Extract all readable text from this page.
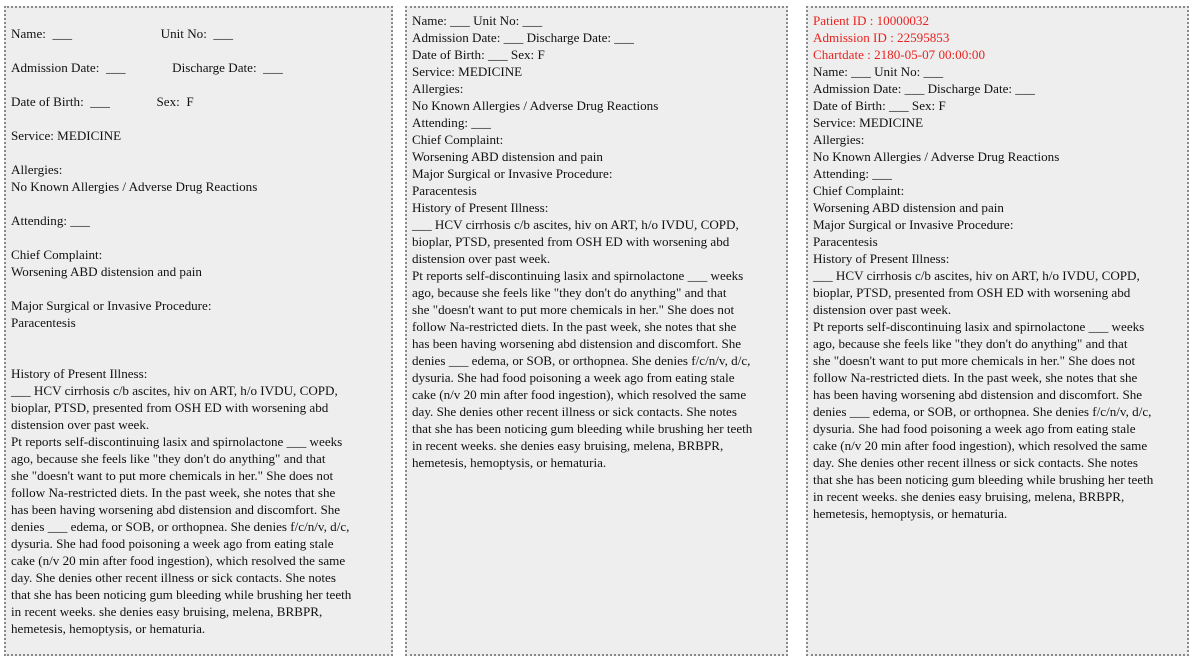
Name: ___	Unit No: ___
Admission Date: ___	Discharge Date: ___
Date of Birth: ___	Sex: F
Service: MEDICINE
Allergies:
No Known Allergies / Adverse Drug Reactions
Attending: ___
Chief Complaint:
Worsening ABD distension and pain
Major Surgical or Invasive Procedure:
Paracentesis
History of Present Illness:
___ HCV cirrhosis c/b ascites, hiv on ART, h/o IVDU, COPD,
bioplar, PTSD, presented from OSH ED with worsening abd
distension over past week.
Pt reports self-discontinuing lasix and spirnolactone ___ weeks
ago, because she feels like "they don't do anything" and that
she "doesn't want to put more chemicals in her." She does not
follow Na-restricted diets. In the past week, she notes that she
has been having worsening abd distension and discomfort. She
denies ___ edema, or SOB, or orthopnea. She denies f/c/n/v, d/c,
dysuria. She had food poisoning a week ago from eating stale
cake (n/v 20 min after food ingestion), which resolved the same
day. She denies other recent illness or sick contacts. She notes
that she has been noticing gum bleeding while brushing her teeth
in recent weeks. she denies easy bruising, melena, BRBPR,
hemetesis, hemoptysis, or hematuria.
Name: ___ Unit No: ___
Admission Date: ___ Discharge Date: ___
Date of Birth: ___ Sex: F
Service: MEDICINE
Allergies:
No Known Allergies / Adverse Drug Reactions
Attending: ___
Chief Complaint:
Worsening ABD distension and pain
Major Surgical or Invasive Procedure:
Paracentesis
History of Present Illness:
___ HCV cirrhosis c/b ascites, hiv on ART, h/o IVDU, COPD,
bioplar, PTSD, presented from OSH ED with worsening abd
distension over past week.
Pt reports self-discontinuing lasix and spirnolactone ___ weeks
ago, because she feels like "they don't do anything" and that
she "doesn't want to put more chemicals in her." She does not
follow Na-restricted diets. In the past week, she notes that she
has been having worsening abd distension and discomfort. She
denies ___ edema, or SOB, or orthopnea. She denies f/c/n/v, d/c,
dysuria. She had food poisoning a week ago from eating stale
cake (n/v 20 min after food ingestion), which resolved the same
day. She denies other recent illness or sick contacts. She notes
that she has been noticing gum bleeding while brushing her teeth
in recent weeks. she denies easy bruising, melena, BRBPR,
hemetesis, hemoptysis, or hematuria.
Patient ID : 10000032
Admission ID : 22595853
Chartdate : 2180-05-07 00:00:00
Name: ___ Unit No: ___
Admission Date: ___ Discharge Date: ___
Date of Birth: ___ Sex: F
Service: MEDICINE
Allergies:
No Known Allergies / Adverse Drug Reactions
Attending: ___
Chief Complaint:
Worsening ABD distension and pain
Major Surgical or Invasive Procedure:
Paracentesis
History of Present Illness:
___ HCV cirrhosis c/b ascites, hiv on ART, h/o IVDU, COPD,
bioplar, PTSD, presented from OSH ED with worsening abd
distension over past week.
Pt reports self-discontinuing lasix and spirnolactone ___ weeks
ago, because she feels like "they don't do anything" and that
she "doesn't want to put more chemicals in her." She does not
follow Na-restricted diets. In the past week, she notes that she
has been having worsening abd distension and discomfort. She
denies ___ edema, or SOB, or orthopnea. She denies f/c/n/v, d/c,
dysuria. She had food poisoning a week ago from eating stale
cake (n/v 20 min after food ingestion), which resolved the same
day. She denies other recent illness or sick contacts. She notes
that she has been noticing gum bleeding while brushing her teeth
in recent weeks. she denies easy bruising, melena, BRBPR,
hemetesis, hemoptysis, or hematuria.
